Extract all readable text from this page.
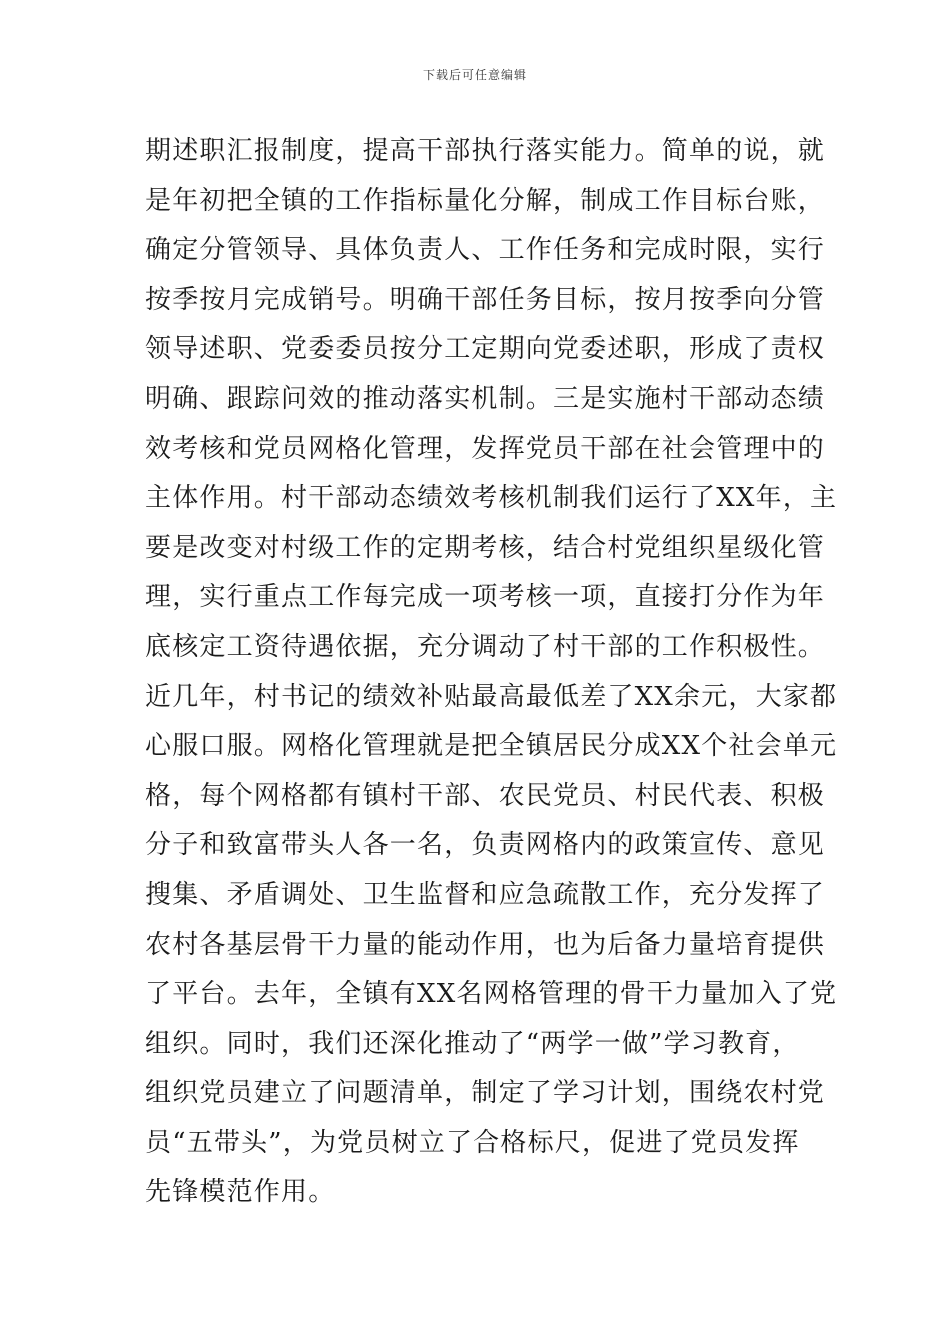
下载后可任意编辑
期述职汇报制度，提高干部执行落实能力。简单的说，就
是年初把全镇的工作指标量化分解，制成工作目标台账，
确定分管领导、具体负责人、工作任务和完成时限，实行
按季按月完成销号。明确干部任务目标，按月按季向分管
领导述职、党委委员按分工定期向党委述职，形成了责权
明确、跟踪问效的推动落实机制。三是实施村干部动态绩
效考核和党员网格化管理，发挥党员干部在社会管理中的
主体作用。村干部动态绩效考核机制我们运行了XX年，主
要是改变对村级工作的定期考核，结合村党组织星级化管
理，实行重点工作每完成一项考核一项，直接打分作为年
底核定工资待遇依据，充分调动了村干部的工作积极性。
近几年，村书记的绩效补贴最高最低差了XX余元，大家都
心服口服。网格化管理就是把全镇居民分成XX个社会单元
格，每个网格都有镇村干部、农民党员、村民代表、积极
分子和致富带头人各一名，负责网格内的政策宣传、意见
搜集、矛盾调处、卫生监督和应急疏散工作，充分发挥了
农村各基层骨干力量的能动作用，也为后备力量培育提供
了平台。去年，全镇有XX名网格管理的骨干力量加入了党
组织。同时，我们还深化推动了“两学一做”学习教育，
组织党员建立了问题清单，制定了学习计划，围绕农村党
员“五带头”，为党员树立了合格标尺，促进了党员发挥
先锋模范作用。
